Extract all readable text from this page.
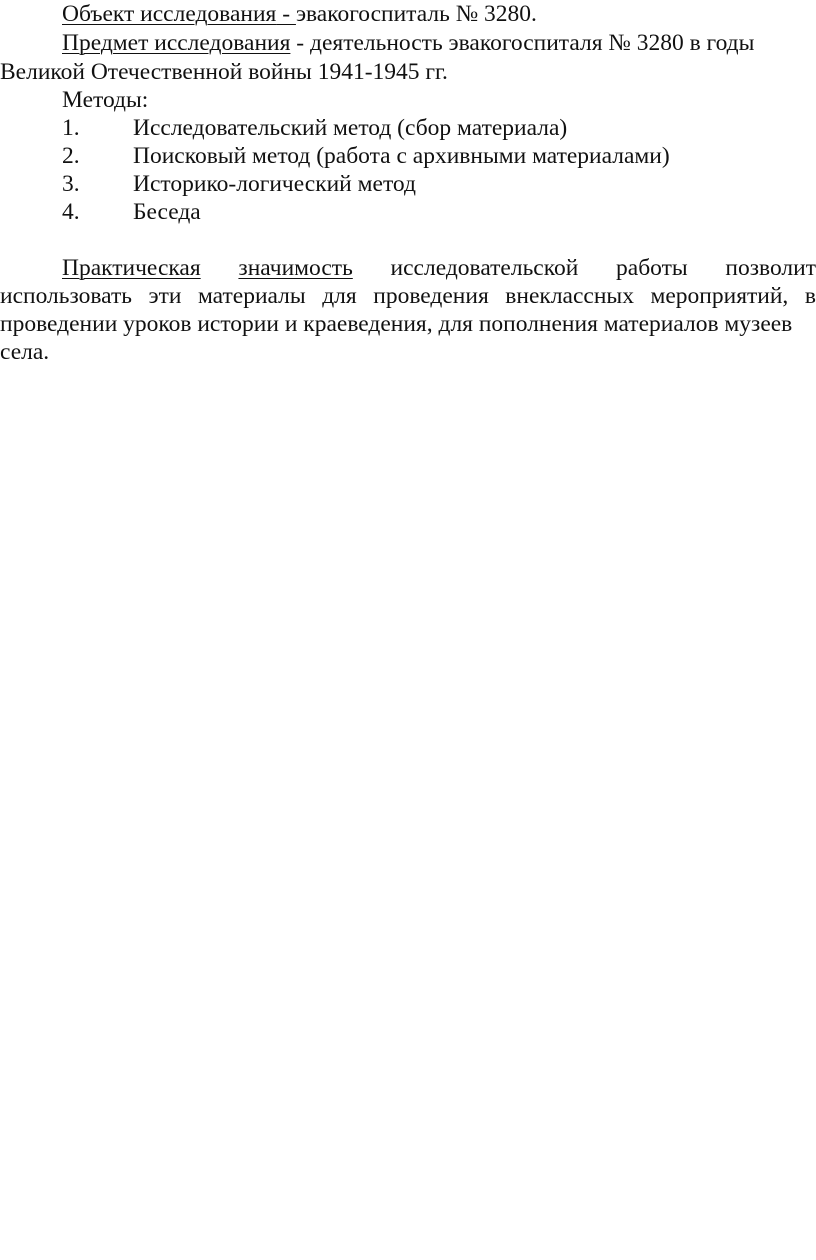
Объект исследования - эвакогоспиталь № 3280.
Предмет исследования - деятельность эвакогоспиталя № 3280 в годы
Великой Отечественной войны 1941-1945 гг.
Методы:
1. Исследовательский метод (сбор материала)
2. Поисковый метод (работа с архивными материалами)
3. Историко-логический метод
4. Беседа
Практическая значимость исследовательской работы позволит
использовать эти материалы для проведения внеклассных мероприятий, в
проведении уроков истории и краеведения, для пополнения материалов музеев
села.
